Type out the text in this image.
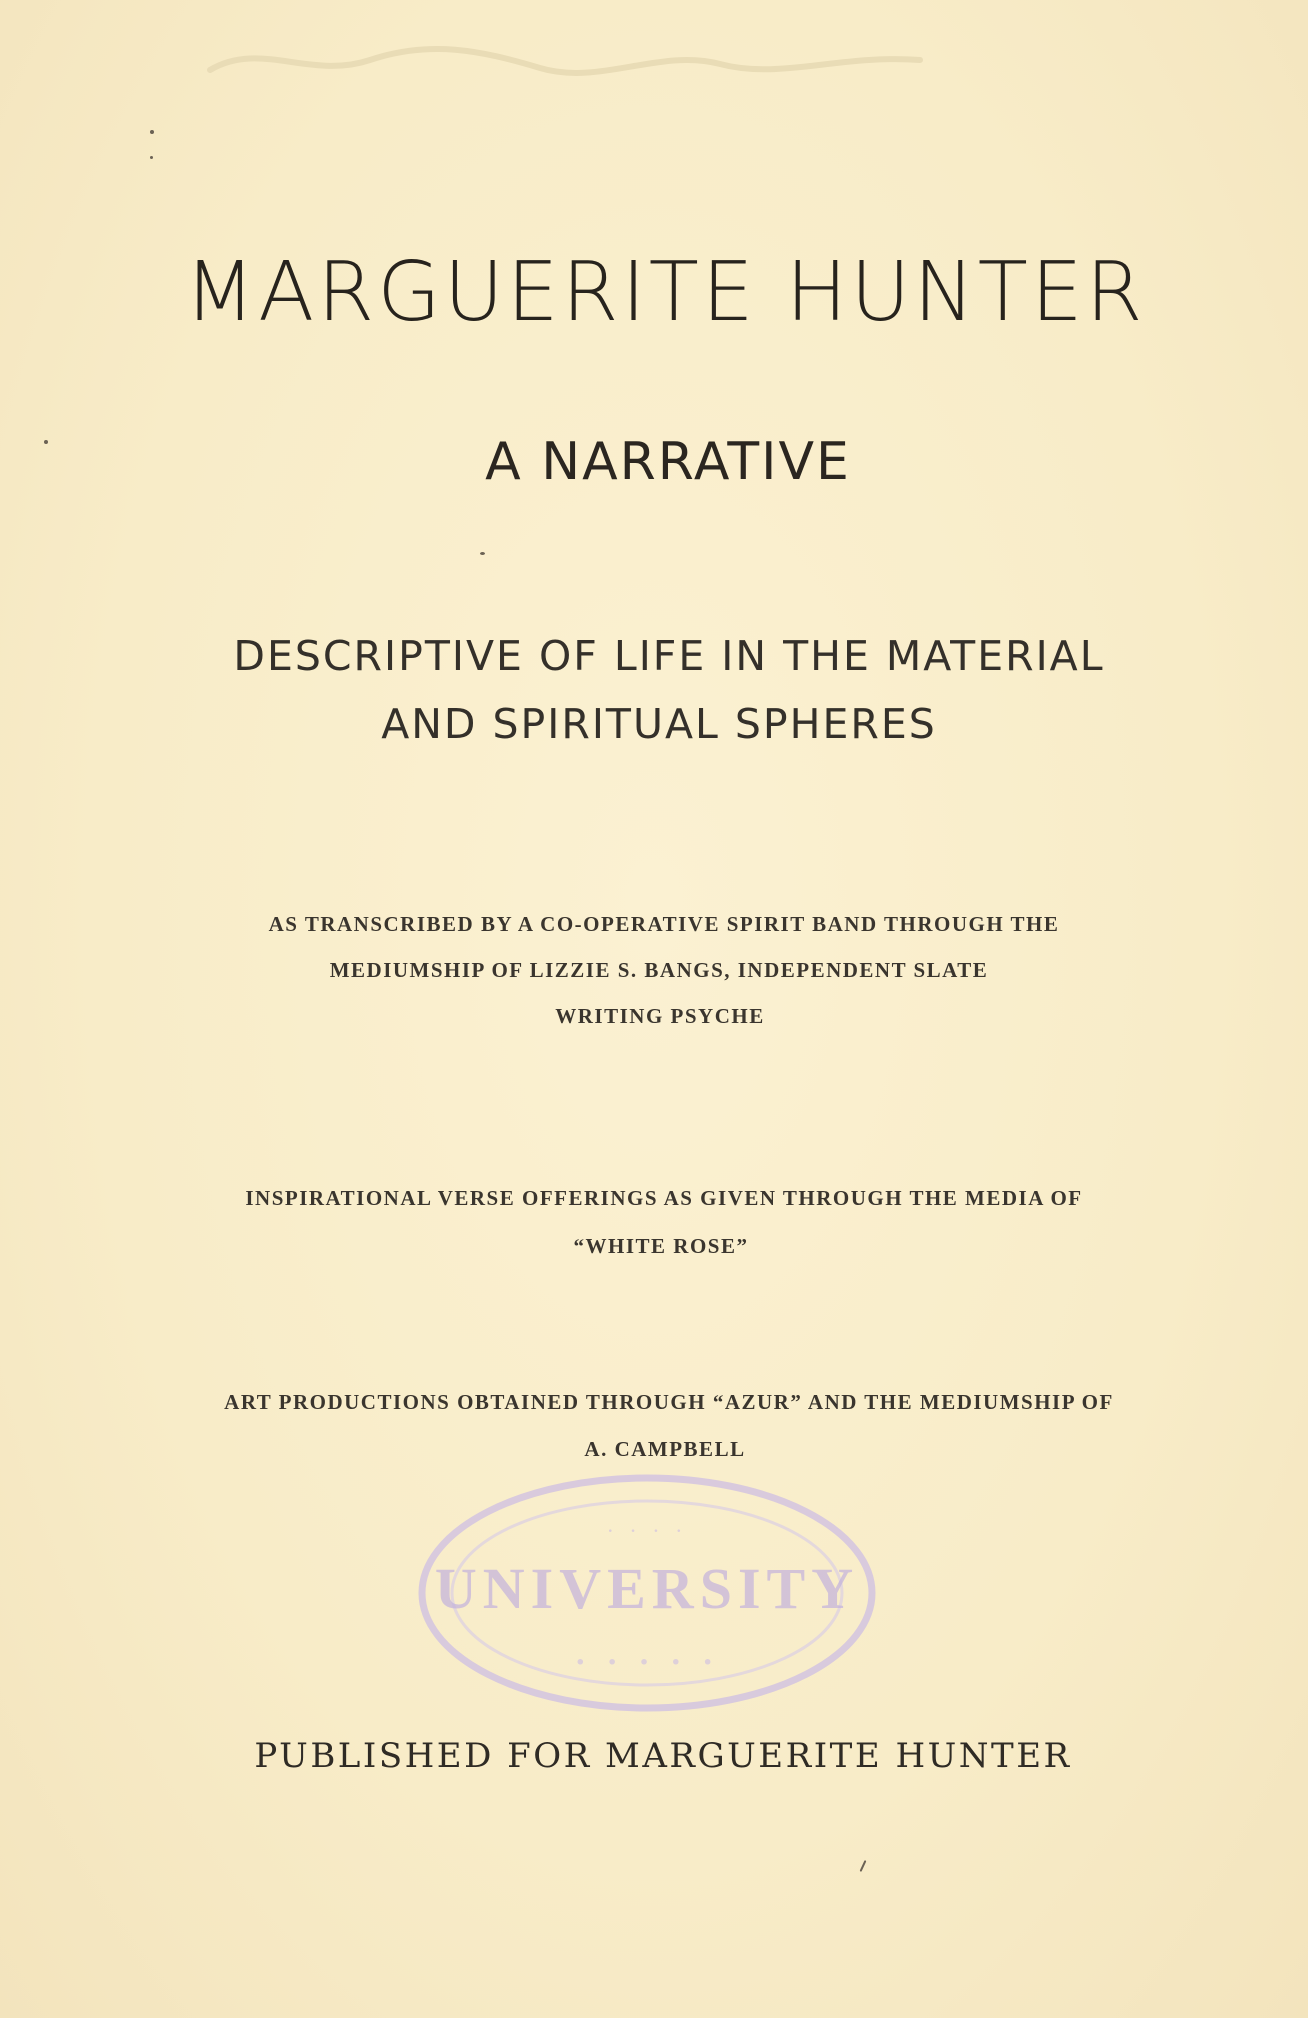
MARGUERITE HUNTER
A NARRATIVE
DESCRIPTIVE OF LIFE IN THE MATERIAL
AND SPIRITUAL SPHERES
AS TRANSCRIBED BY A CO-OPERATIVE SPIRIT BAND THROUGH THE
MEDIUMSHIP OF LIZZIE S. BANGS, INDEPENDENT SLATE
WRITING PSYCHE
INSPIRATIONAL VERSE OFFERINGS AS GIVEN THROUGH THE MEDIA OF
“WHITE ROSE”
ART PRODUCTIONS OBTAINED THROUGH “AZUR” AND THE MEDIUMSHIP OF
A. CAMPBELL
UNIVERSITY
· · · ·
· · · · ·
PUBLISHED FOR MARGUERITE HUNTER
